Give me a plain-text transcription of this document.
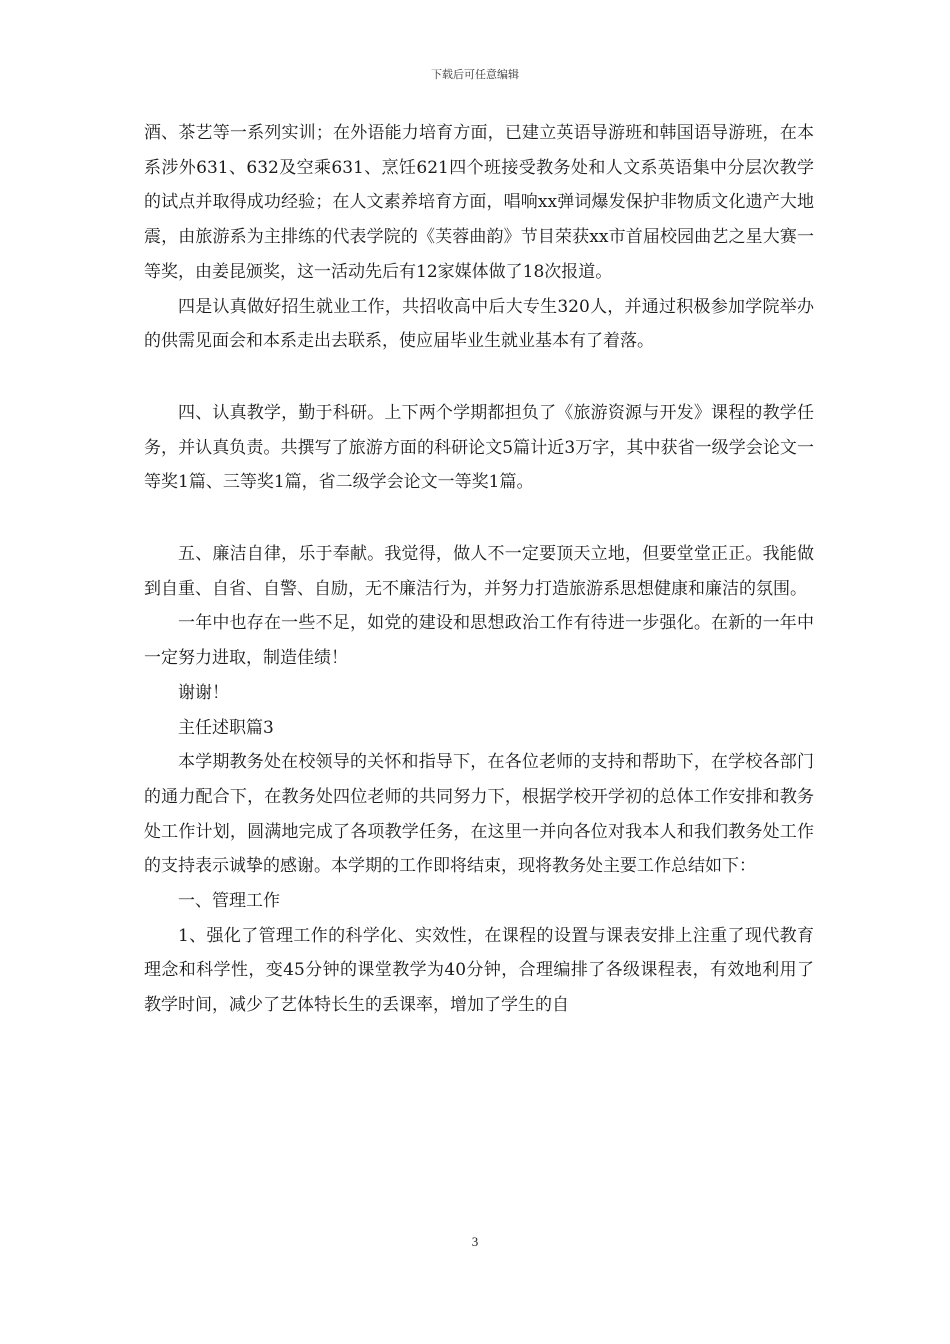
下载后可任意编辑

酒、茶艺等一系列实训；在外语能力培育方面，已建立英语导游班和韩国语导游班，在本系涉外631、632及空乘631、烹饪621四个班接受教务处和人文系英语集中分层次教学的试点并取得成功经验；在人文素养培育方面，唱响xx弹词爆发保护非物质文化遗产大地震，由旅游系为主排练的代表学院的《芙蓉曲韵》节目荣获xx市首届校园曲艺之星大赛一等奖，由姜昆颁奖，这一活动先后有12家媒体做了18次报道。

四是认真做好招生就业工作，共招收高中后大专生320人，并通过积极参加学院举办的供需见面会和本系走出去联系，使应届毕业生就业基本有了着落。

四、认真教学，勤于科研。上下两个学期都担负了《旅游资源与开发》课程的教学任务，并认真负责。共撰写了旅游方面的科研论文5篇计近3万字，其中获省一级学会论文一等奖1篇、三等奖1篇，省二级学会论文一等奖1篇。

五、廉洁自律，乐于奉献。我觉得，做人不一定要顶天立地，但要堂堂正正。我能做到自重、自省、自警、自励，无不廉洁行为，并努力打造旅游系思想健康和廉洁的氛围。

一年中也存在一些不足，如党的建设和思想政治工作有待进一步强化。在新的一年中一定努力进取，制造佳绩！

谢谢！

主任述职篇3

本学期教务处在校领导的关怀和指导下，在各位老师的支持和帮助下，在学校各部门的通力配合下，在教务处四位老师的共同努力下，根据学校开学初的总体工作安排和教务处工作计划，圆满地完成了各项教学任务，在这里一并向各位对我本人和我们教务处工作的支持表示诚挚的感谢。本学期的工作即将结束，现将教务处主要工作总结如下：

一、管理工作

1、强化了管理工作的科学化、实效性，在课程的设置与课表安排上注重了现代教育理念和科学性，变45分钟的课堂教学为40分钟，合理编排了各级课程表，有效地利用了教学时间，减少了艺体特长生的丢课率，增加了学生的自

3
